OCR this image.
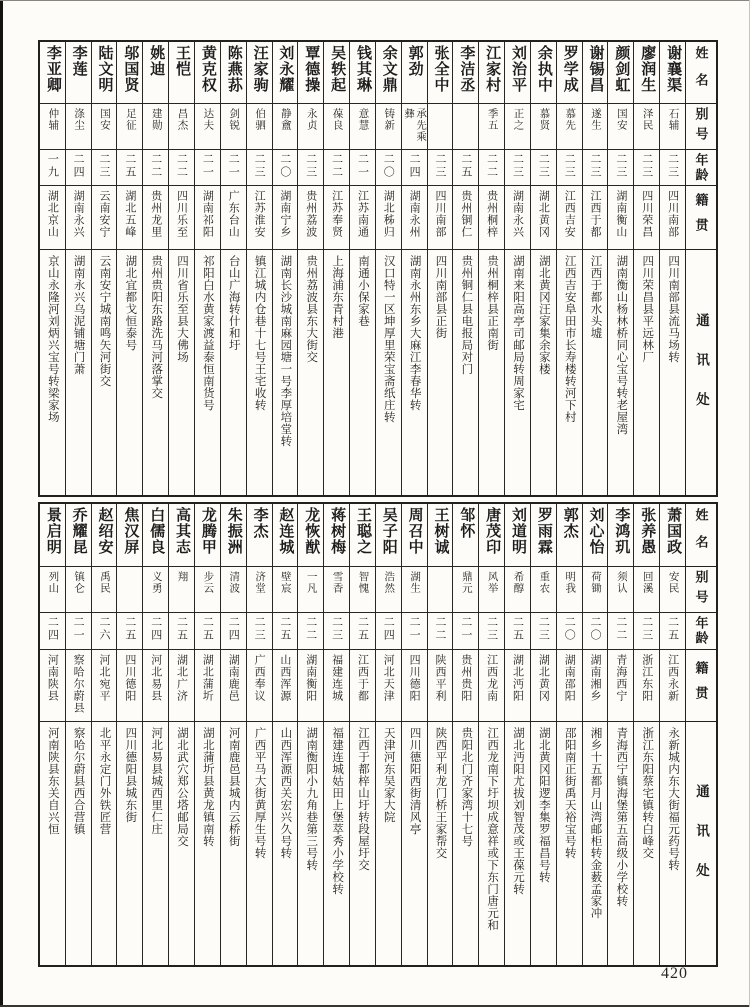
姓名
别号
年龄
籍贯
通讯处
谢襄渠
石辅
二三
四川南部
四川南部县流马场转
廖润生
泽民
二三
四川荣昌
四川荣昌县平远林厂
颜剑虹
国安
二三
湖南衡山
湖南衡山杨林桥同心宝号转老屋湾
谢锡昌
遂生
二三
江西于都
江西于都水头墟
罗学成
慕先
二三
江西吉安
江西吉安阜田市长寿楼转河下村
余执中
慕贤
二三
湖北黄冈
湖北黄冈汪家集余家楼
刘治平
正之
二三
湖南永兴
湖南来阳高亭司邮局转周家宅
江家村
季五
二二
贵州桐梓
贵州桐梓县正南街
李洁丞
二五
贵州铜仁
贵州铜仁县电报局对门
张全中
二三
四川南部
四川南部县正街
郭劲
承先乘彝
二四
湖南永州
湖南永州东乡大麻江李春华转
余文鼎
铸新
二〇
湖北秭归
汉口特一区坤厚里荣宝斋纸庄转
钱其琳
意慧
二一
江苏南通
南通小保家巷
吴轶起
葆良
二二
江苏奉贤
上海浦东青村港
覃德操
永贞
二三
贵州荔波
贵州荔波县东大街交
刘永耀
静盦
二〇
湖南宁乡
湖南长沙城南麻园塘一号李厚培堂转
汪家驹
伯驷
二三
江苏淮安
镇江城内仓巷十七号王宅收转
陈燕荪
剑锐
二一
广东台山
台山广海转什和圩
黄克权
达夫
二一
湖南祁阳
祁阳白水黄家渡益泰恒南货号
王恺
昌杰
二二
四川乐至
四川省乐至县大佛场
姚迪
建勋
二二
贵州龙里
贵州贵阳东路洗马河落掌交
邬国贤
足征
二五
湖北五峰
湖北宜都戈恒泰号
陆文明
国安
二三
云南安宁
云南安宁城南鸣矢河街交
李莲
涤尘
二四
湖南永兴
湖南永兴乌泥铺塘门萧
李亚卿
仲辅
一九
湖北京山
京山永隆河刘炳兴宝号转梁家场
姓名
别号
年龄
籍贯
通讯处
萧国政
安民
二五
江西永新
永新城内东大街福元药号转
张养愚
回溪
二三
浙江东阳
浙江东阳蔡宅镇转白峰交
李鸿玑
须认
二二
青海西宁
青海西宁镇海堡第五高级小学校转
刘心怡
荷锄
二〇
湖南湘乡
湘乡十五都月山湾邮柜转金薮孟家冲
郭杰
明我
二〇
湖南邵阳
邵阳南正街禹天裕宝号转
罗雨霖
重农
二三
湖北黄冈
湖北黄冈阳逻李集罗福昌号转
刘道明
希醇
二五
湖北沔阳
湖北沔阳尤拔刘智茂或王葆元转
唐茂印
风举
二三
江西龙南
江西龙南下圩坝成意祥或下东门唐元和
邹怀
鼎元
二一
贵州贵阳
贵阳北门齐家湾十七号
王树诚
二二
陕西平利
陕西平利龙门桥王家帮交
周召中
湖生
二一
四川德阳
四川德阳西街清风亭
吴子阳
浩然
二四
河北天津
天津河东吴家大院
王聪之
智愧
二五
江西于都
江西于都梓山圩转段屋圩交
蒋树梅
雪香
二三
福建连城
福建连城姑田上堡萃秀小学校转
龙恢猷
一凡
二二
湖南衡阳
湖南衡阳小九角巷第三号转
赵连城
壁宸
二五
山西浑源
山西浑源西关宏兴久号转
李杰
济堂
二三
广西奉议
广西平马大街黄厚生号转
朱振洲
清波
二四
湖南鹿邑
河南鹿邑县城内云桥街
龙腾甲
步云
二五
湖北蒲圻
湖北蒲圻县黄龙镇南转
高其志
翔
二五
湖北广济
湖北武穴郑公塔邮局交
白儒良
义勇
二四
河北易县
河北易县城西里仁庄
焦汉屏
二五
四川德阳
四川德阳县城东街
赵绍安
禹民
二六
河北宛平
北平永定门外铁匠营
乔耀昆
镇仑
二一
察哈尔蔚县
察哈尔蔚县西合营镇
景启明
列山
二四
河南陕县
河南陕县东关自兴恒
420
